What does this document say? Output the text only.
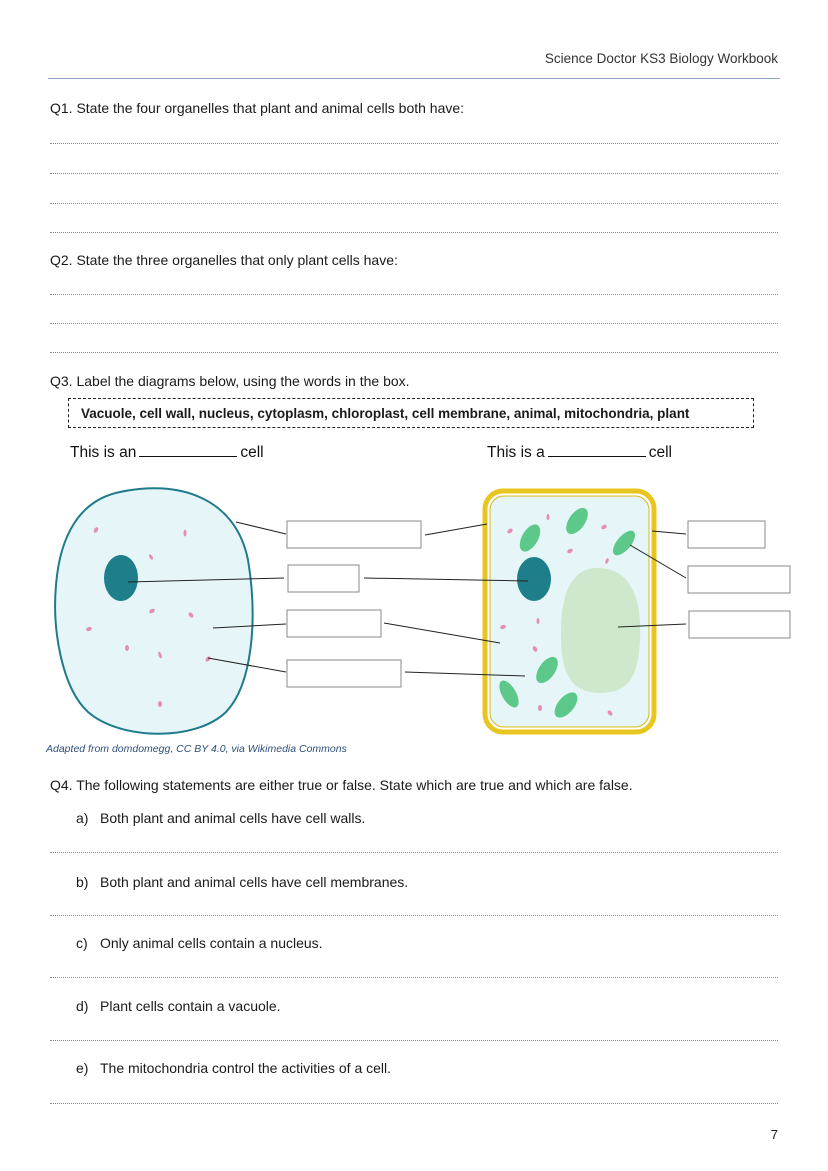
Science Doctor KS3 Biology Workbook
Q1. State the four organelles that plant and animal cells both have:
Q2. State the three organelles that only plant cells have:
Q3. Label the diagrams below, using the words in the box.
Vacuole, cell wall, nucleus, cytoplasm, chloroplast, cell membrane, animal, mitochondria, plant
This is an	cell	This is a	cell
Adapted from domdomegg, CC BY 4.0, via Wikimedia Commons
Q4. The following statements are either true or false. State which are true and which are false.
a) Both plant and animal cells have cell walls.
b) Both plant and animal cells have cell membranes.
c) Only animal cells contain a nucleus.
d) Plant cells contain a vacuole.
e) The mitochondria control the activities of a cell.
7
